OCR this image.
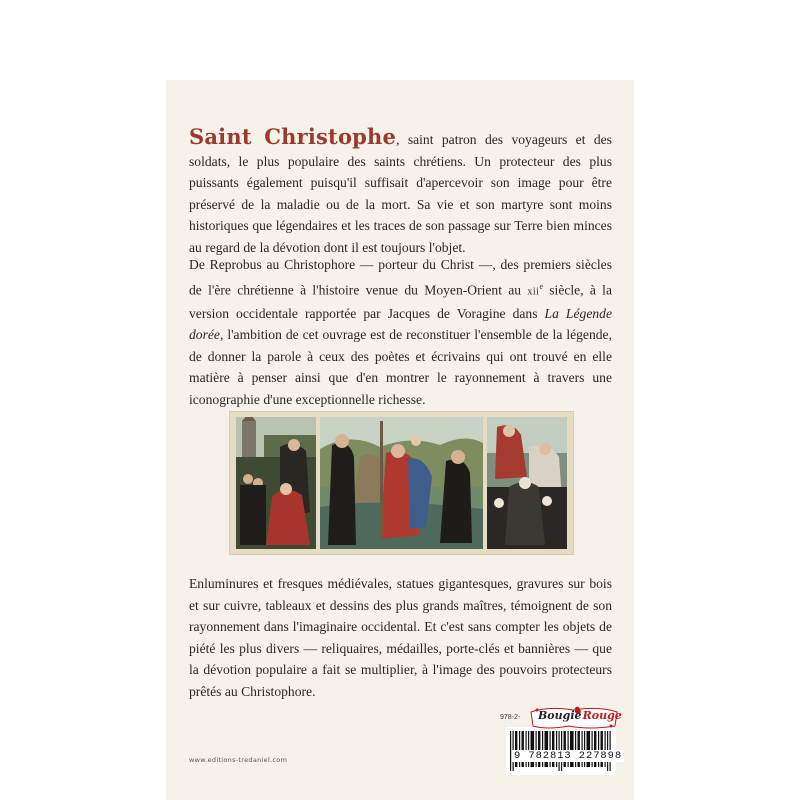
Saint Christophe, saint patron des voyageurs et des soldats, le plus populaire des saints chrétiens. Un protecteur des plus puissants également puisqu'il suffisait d'apercevoir son image pour être préservé de la maladie ou de la mort. Sa vie et son martyre sont moins historiques que légendaires et les traces de son passage sur Terre bien minces au regard de la dévotion dont il est toujours l'objet.

De Reprobus au Christophore — porteur du Christ —, des premiers siècles de l'ère chrétienne à l'histoire venue du Moyen-Orient au xii$^e$ siècle, à la version occidentale rapportée par Jacques de Voragine dans La Légende dorée, l'ambition de cet ouvrage est de reconstituer l'ensemble de la légende, de donner la parole à ceux des poètes et écrivains qui ont trouvé en elle matière à penser ainsi que d'en montrer le rayonnement à travers une iconographie d'une exceptionnelle richesse.

Enluminures et fresques médiévales, statues gigantesques, gravures sur bois et sur cuivre, tableaux et dessins des plus grands maîtres, témoignent de son rayonnement dans l'imaginaire occidental. Et c'est sans compter les objets de piété les plus divers — reliquaires, médailles, porte-clés et bannières — que la dévotion populaire a fait se multiplier, à l'image des pouvoirs protecteurs prêtés au Christophore.

www.editions-tredaniel.com
978-2-
9 782813 227898
Bougie Rouge
